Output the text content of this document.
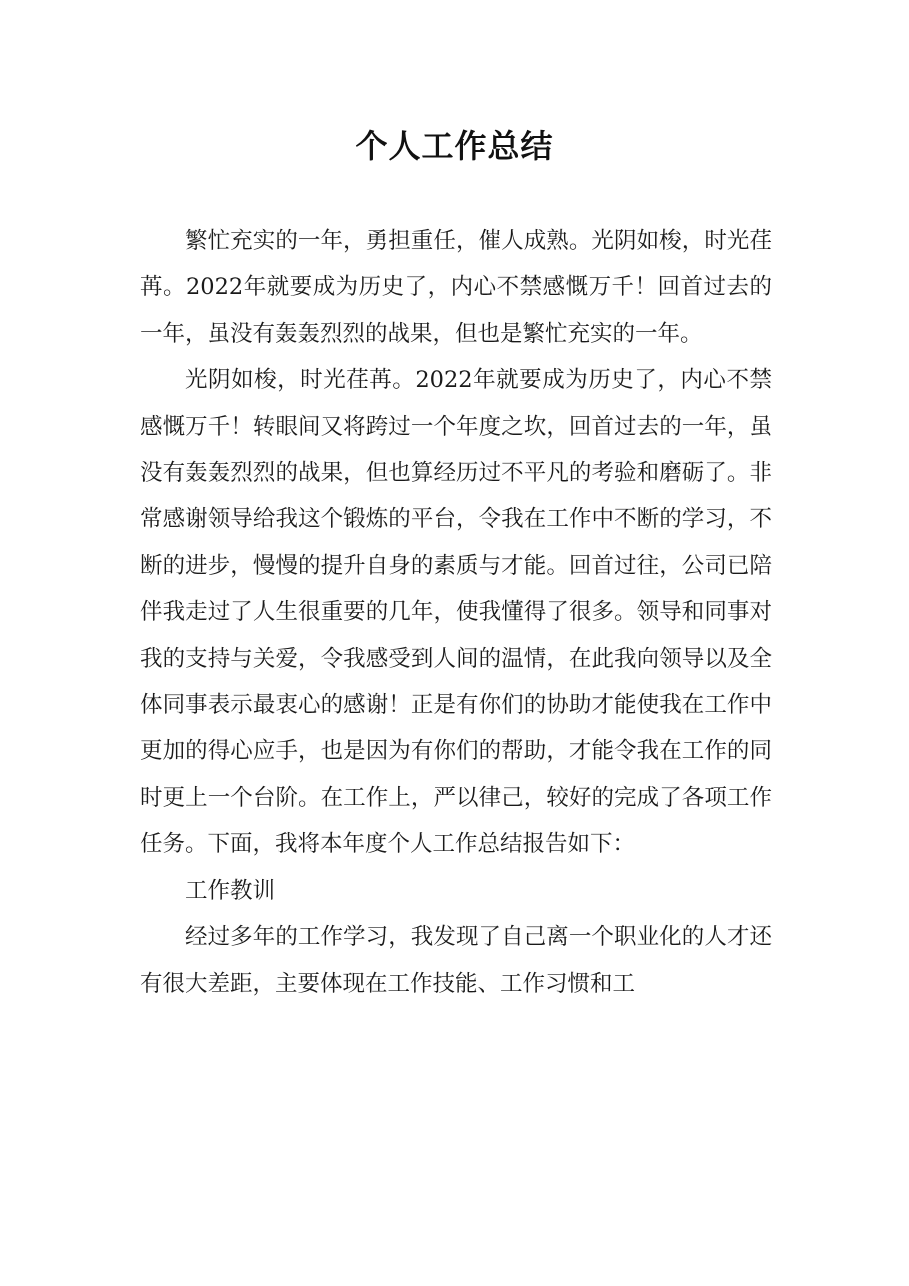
个人工作总结

繁忙充实的一年，勇担重任，催人成熟。光阴如梭，时光荏苒。2022年就要成为历史了，内心不禁感慨万千！回首过去的一年，虽没有轰轰烈烈的战果，但也是繁忙充实的一年。

光阴如梭，时光荏苒。2022年就要成为历史了，内心不禁感慨万千！转眼间又将跨过一个年度之坎，回首过去的一年，虽没有轰轰烈烈的战果，但也算经历过不平凡的考验和磨砺了。非常感谢领导给我这个锻炼的平台，令我在工作中不断的学习，不断的进步，慢慢的提升自身的素质与才能。回首过往，公司已陪伴我走过了人生很重要的几年，使我懂得了很多。领导和同事对我的支持与关爱，令我感受到人间的温情，在此我向领导以及全体同事表示最衷心的感谢！正是有你们的协助才能使我在工作中更加的得心应手，也是因为有你们的帮助，才能令我在工作的同时更上一个台阶。在工作上，严以律己，较好的完成了各项工作任务。下面，我将本年度个人工作总结报告如下：

工作教训

经过多年的工作学习，我发现了自己离一个职业化的人才还有很大差距，主要体现在工作技能、工作习惯和工
